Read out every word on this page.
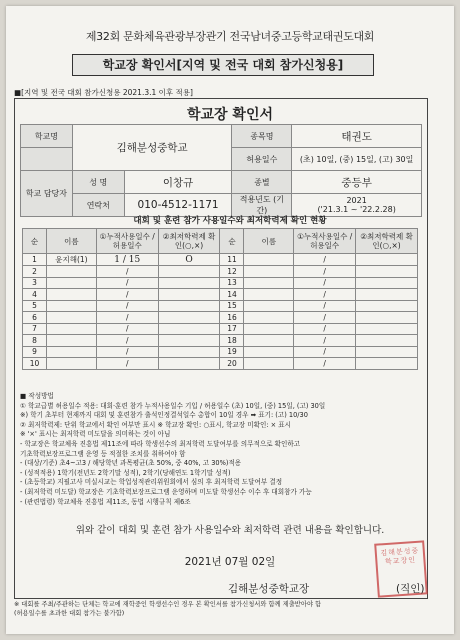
제32회 문화체육관광부장관기 전국남녀중고등학교태권도대회
학교장 확인서[지역 및 전국 대회 참가신청용]
■[지역 및 전국 대회 참가신청용 2021.3.1 이후 적용]
학교장 확인서
학교명	김해분성중학교		종목명	태권도
			허용일수	(초) 10일, (중) 15일, (고) 30일
학교 담당자	성 명	이창규	종별	중등부
	연락처	010-4512-1171	적용년도 (기간)	2021
('21.3.1 ~ '22.2.28)
대회 및 훈련 참가 사용일수와 최저학력제 확인 현황
순	이름	①누적사용일수 /허용일수	②최저학력제 확인(○,×)	순	이름	①누적사용일수 /허용일수	②최저학력제 확인(○,×)
1	윤지해(1)	1 / 15	O	11		/	
2		/		12		/	
3		/		13		/	
4		/		14		/	
5		/		15		/	
6		/		16		/	
7		/		17		/	
8		/		18		/	
9		/		19		/	
10		/		20		/	
■ 작성방법
① 학교급별 허용일수 적용: 대회·훈련 참가 누적사용일수 기입 / 허용일수 (초) 10일, (중) 15일, (고) 30일
※) 학기 초부터 현재까지 대회 및 훈련참가 출석인정결석일수 총합이 10일 경우 ➡ 표기: (고) 10/30
② 최저학력제: 단위 학교에서 확인 여부만 표시 ※ 학교장 확인: ○표시, 학교장 미확인: × 표시
※ '×' 표시는 최저학력 미도달을 의미하는 것이 아님
- 학교장은 학교체육 진흥법 제11조에 따라 학생선수의 최저학력 도달여부를 의무적으로 확인하고
기초학력보장프로그램 운영 등 적절한 조치를 취하여야 함
- (대상/기준) 초4~고3 / 해당학년 과목평균(초 50%, 중 40%, 고 30%)적용
- (성적적용) 1학기(전년도 2학기말 성적), 2학기(당해연도 1학기말 성적)
- (초등학교) 지필고사 미실시교는 학업성적관리위원회에서 심의 후 최저학력 도달여부 결정
- (최저학력 미도달) 학교장은 기초학력보장프로그램 운영하며 미도달 학생선수 이수 후 대회참가 가능
- (관련법령) 학교체육 진흥법 제11조, 동법 시행규칙 제6조
위와 같이 대회 및 훈련 참가 사용일수와 최저학력 관련 내용을 확인합니다.
2021년 07월 02일
김해분성중학교장
김해분성중학교장인
(직인)
※ 대회를 주최/주관하는 단체는 학교에 재학중인 학생선수인 경우 본 확인서를 참가신청서와 함께 제출받아야 함
(허용일수를 초과한 대회 참가는 불가함)
